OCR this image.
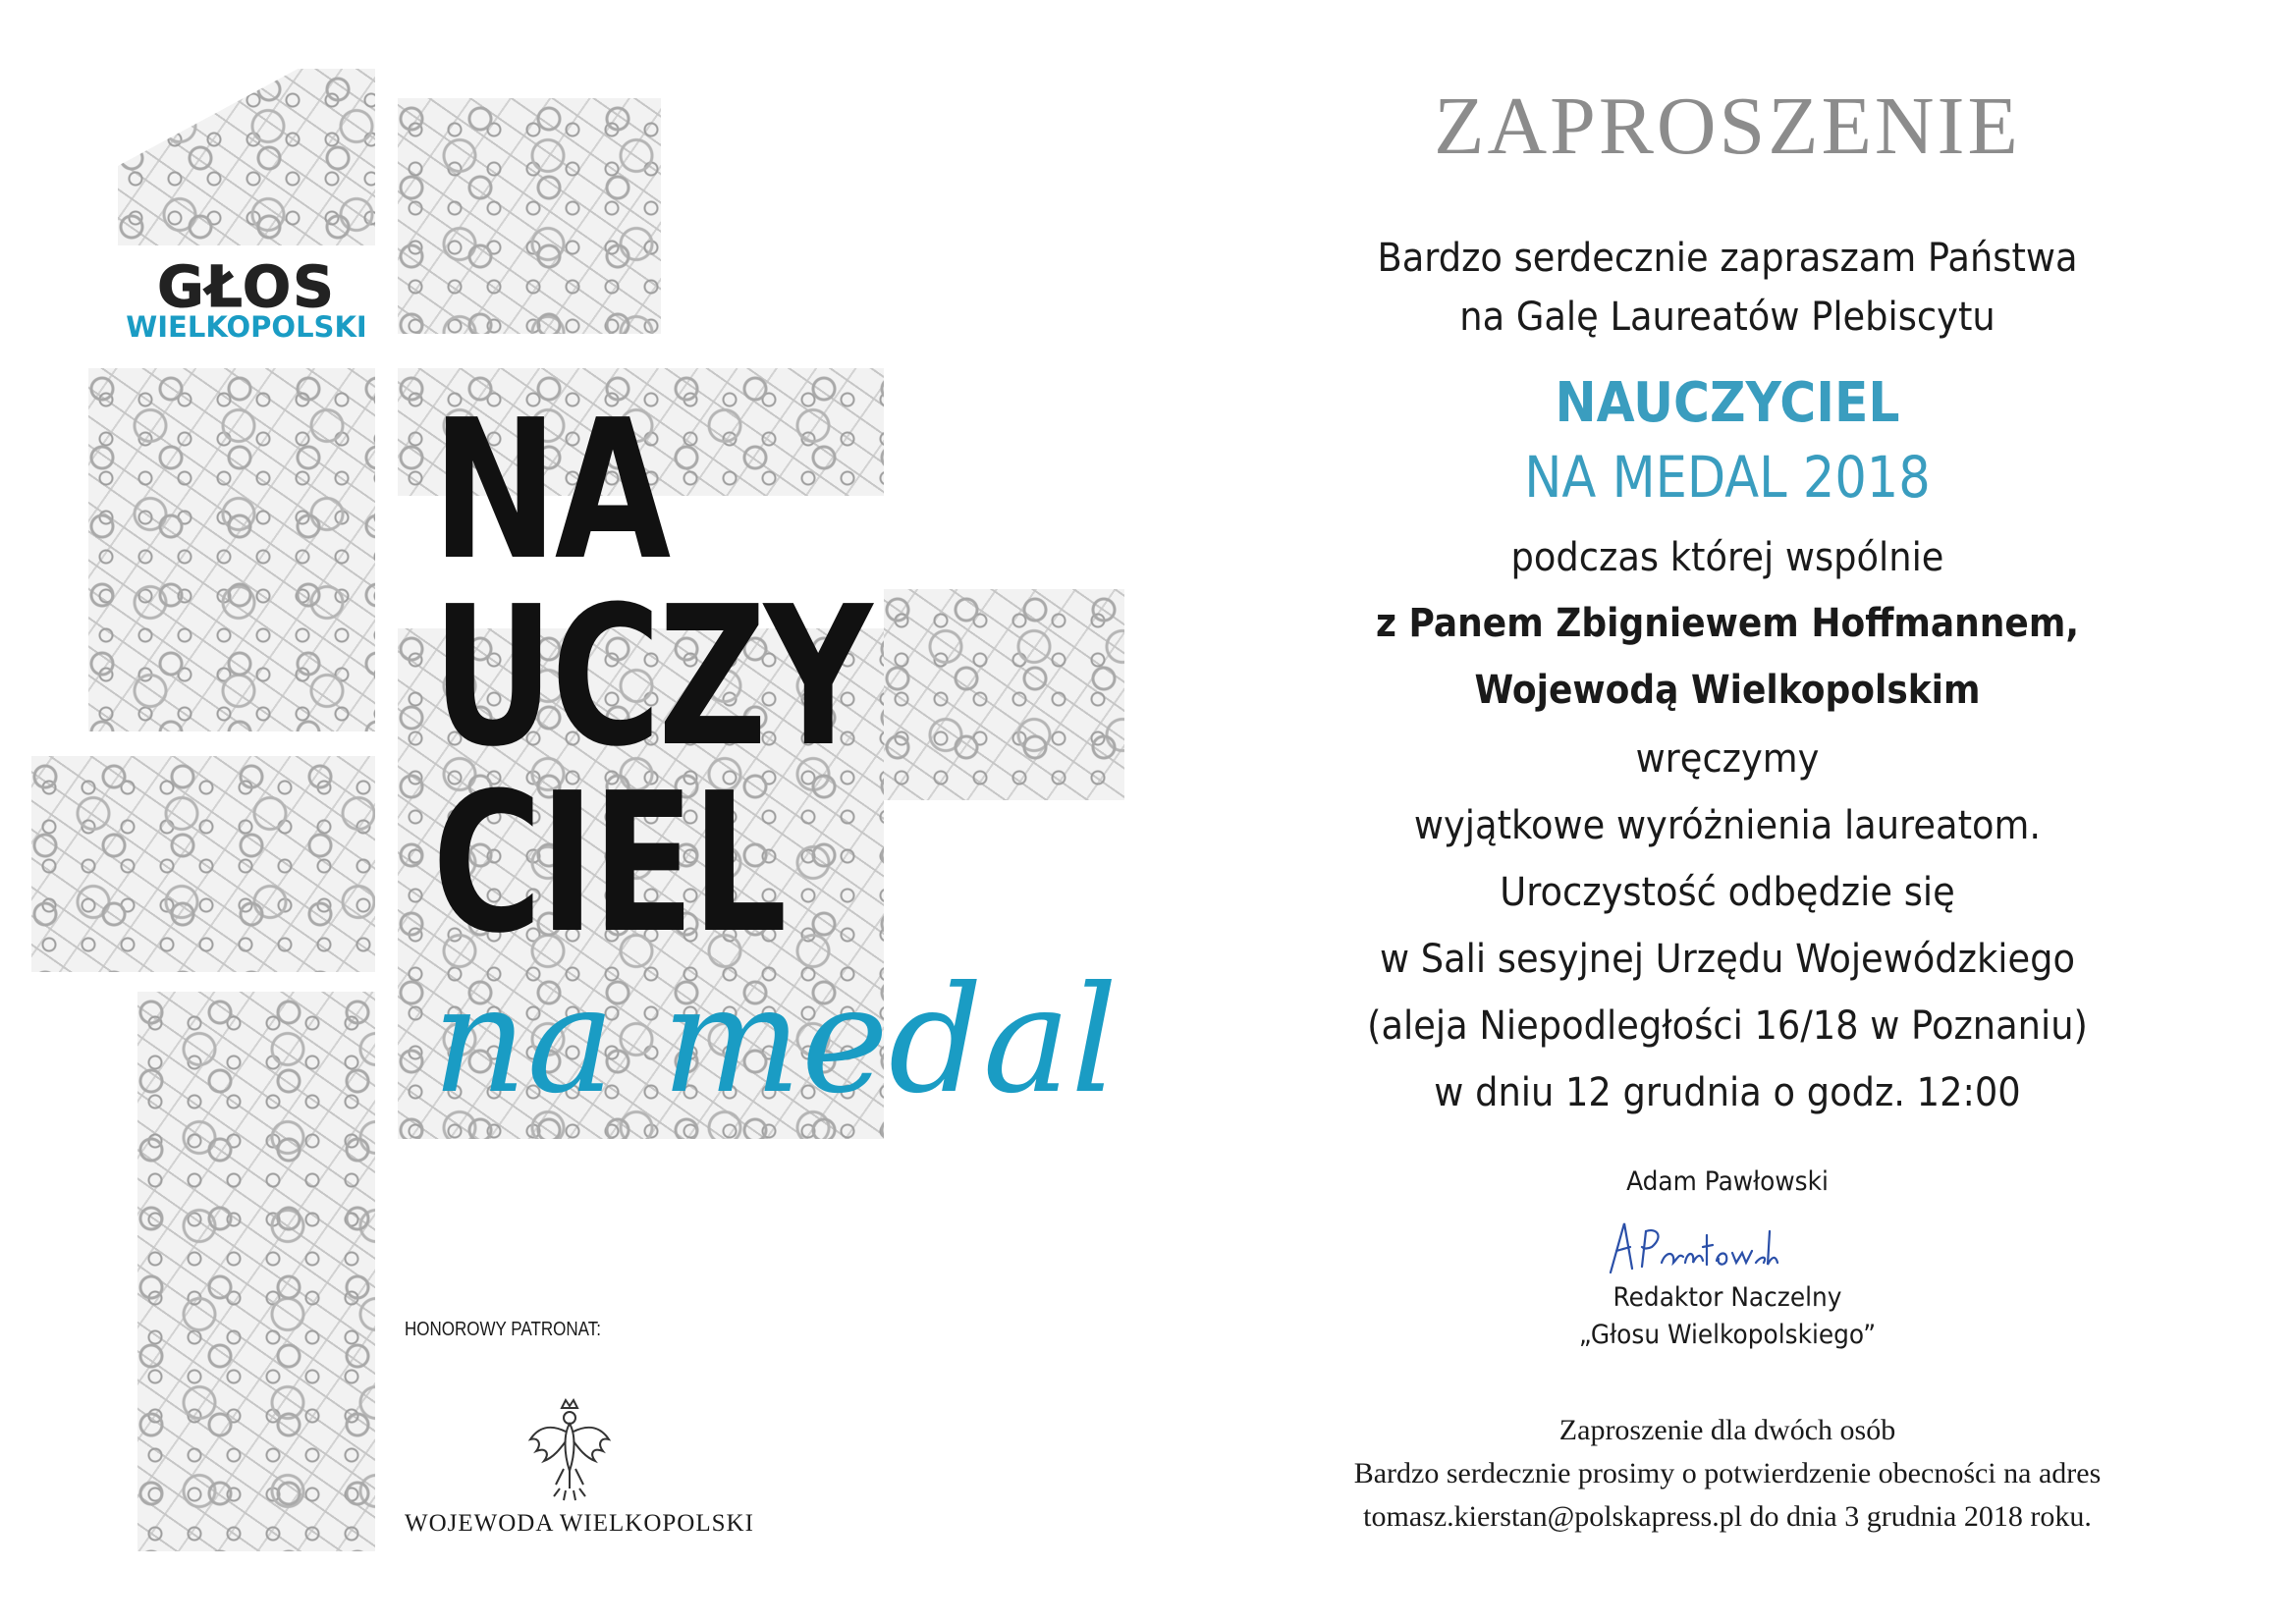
GŁOS
WIELKOPOLSKI
NA
UCZY
CIEL
na medal
HONOROWY PATRONAT:
WOJEWODA WIELKOPOLSKI
ZAPROSZENIE
Bardzo serdecznie zapraszam Państwa
na Galę Laureatów Plebiscytu
NAUCZYCIEL
NA MEDAL 2018
podczas której wspólnie
z Panem Zbigniewem Hoffmannem,
Wojewodą Wielkopolskim
wręczymy
wyjątkowe wyróżnienia laureatom.
Uroczystość odbędzie się
w Sali sesyjnej Urzędu Wojewódzkiego
(aleja Niepodległości 16/18 w Poznaniu)
w dniu 12 grudnia o godz. 12:00
Adam Pawłowski
Redaktor Naczelny
„Głosu Wielkopolskiego”
Zaproszenie dla dwóch osób
Bardzo serdecznie prosimy o potwierdzenie obecności na adres
tomasz.kierstan@polskapress.pl do dnia 3 grudnia 2018 roku.
